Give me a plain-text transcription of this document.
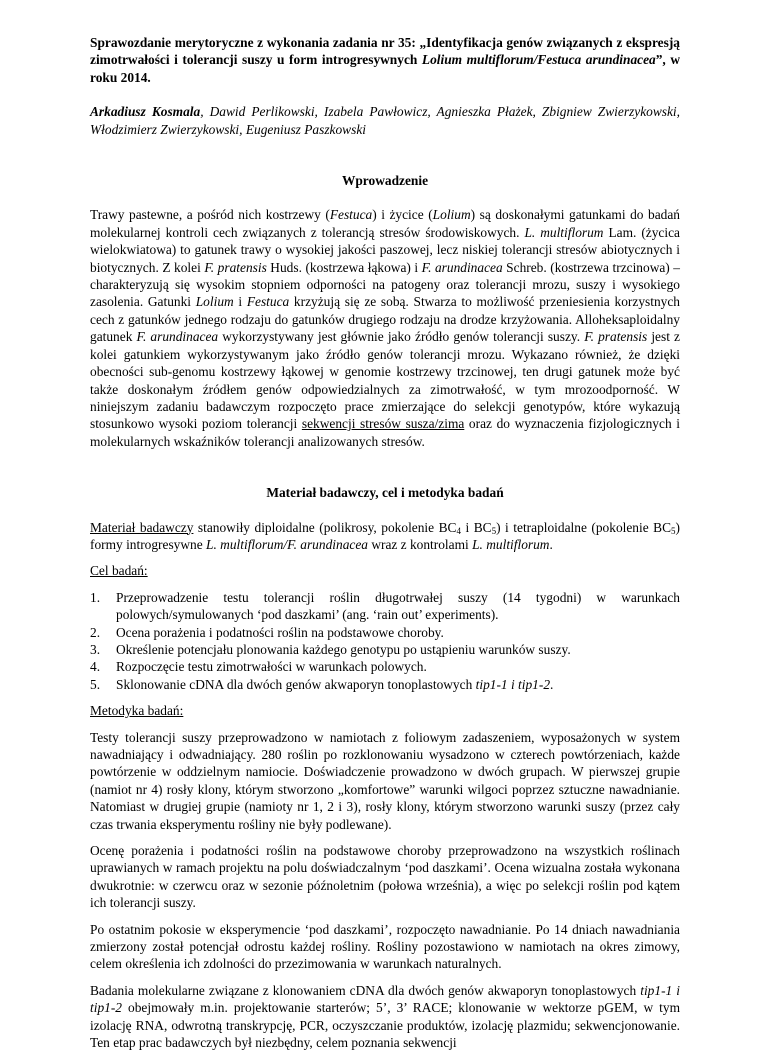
Sprawozdanie merytoryczne z wykonania zadania nr 35: „Identyfikacja genów związanych z ekspresją zimotrwałości i tolerancji suszy u form introgresywnych Lolium multiflorum/Festuca arundinacea”, w roku 2014.

Arkadiusz Kosmala, Dawid Perlikowski, Izabela Pawłowicz, Agnieszka Płażek, Zbigniew Zwierzykowski, Włodzimierz Zwierzykowski, Eugeniusz Paszkowski

Wprowadzenie

Trawy pastewne, a pośród nich kostrzewy (Festuca) i życice (Lolium) są doskonałymi gatunkami do badań molekularnej kontroli cech związanych z tolerancją stresów środowiskowych. L. multiflorum Lam. (życica wielokwiatowa) to gatunek trawy o wysokiej jakości paszowej, lecz niskiej tolerancji stresów abiotycznych i biotycznych. Z kolei F. pratensis Huds. (kostrzewa łąkowa) i F. arundinacea Schreb. (kostrzewa trzcinowa) – charakteryzują się wysokim stopniem odporności na patogeny oraz tolerancji mrozu, suszy i wysokiego zasolenia. Gatunki Lolium i Festuca krzyżują się ze sobą. Stwarza to możliwość przeniesienia korzystnych cech z gatunków jednego rodzaju do gatunków drugiego rodzaju na drodze krzyżowania. Alloheksaploidalny gatunek F. arundinacea wykorzystywany jest głównie jako źródło genów tolerancji suszy. F. pratensis jest z kolei gatunkiem wykorzystywanym jako źródło genów tolerancji mrozu. Wykazano również, że dzięki obecności sub-genomu kostrzewy łąkowej w genomie kostrzewy trzcinowej, ten drugi gatunek może być także doskonałym źródłem genów odpowiedzialnych za zimotrwałość, w tym mrozoodporność. W niniejszym zadaniu badawczym rozpoczęto prace zmierzające do selekcji genotypów, które wykazują stosunkowo wysoki poziom tolerancji sekwencji stresów susza/zima oraz do wyznaczenia fizjologicznych i molekularnych wskaźników tolerancji analizowanych stresów.

Materiał badawczy, cel i metodyka badań

Materiał badawczy stanowiły diploidalne (polikrosy, pokolenie $BC_4$ i $BC_5$) i tetraploidalne (pokolenie $BC_5$) formy introgresywne L. multiflorum/F. arundinacea wraz z kontrolami L. multiflorum.

Cel badań:

1.	Przeprowadzenie testu tolerancji roślin długotrwałej suszy (14 tygodni) w warunkach polowych/symulowanych ‘pod daszkami’ (ang. ‘rain out’ experiments).
2.	Ocena porażenia i podatności roślin na podstawowe choroby.
3.	Określenie potencjału plonowania każdego genotypu po ustąpieniu warunków suszy.
4.	Rozpoczęcie testu zimotrwałości w warunkach polowych.
5.	Sklonowanie cDNA dla dwóch genów akwaporyn tonoplastowych tip1-1 i tip1-2.

Metodyka badań:

Testy tolerancji suszy przeprowadzono w namiotach z foliowym zadaszeniem, wyposażonych w system nawadniający i odwadniający. 280 roślin po rozklonowaniu wysadzono w czterech powtórzeniach, każde powtórzenie w oddzielnym namiocie. Doświadczenie prowadzono w dwóch grupach. W pierwszej grupie (namiot nr 4) rosły klony, którym stworzono „komfortowe” warunki wilgoci poprzez sztuczne nawadnianie. Natomiast w drugiej grupie (namioty nr 1, 2 i 3), rosły klony, którym stworzono warunki suszy (przez cały czas trwania eksperymentu rośliny nie były podlewane).

Ocenę porażenia i podatności roślin na podstawowe choroby przeprowadzono na wszystkich roślinach uprawianych w ramach projektu na polu doświadczalnym ‘pod daszkami’. Ocena wizualna została wykonana dwukrotnie: w czerwcu oraz w sezonie późnoletnim (połowa września), a więc po selekcji roślin pod kątem ich tolerancji suszy.

Po ostatnim pokosie w eksperymencie ‘pod daszkami’, rozpoczęto nawadnianie. Po 14 dniach nawadniania zmierzony został potencjał odrostu każdej rośliny. Rośliny pozostawiono w namiotach na okres zimowy, celem określenia ich zdolności do przezimowania w warunkach naturalnych.

Badania molekularne związane z klonowaniem cDNA dla dwóch genów akwaporyn tonoplastowych tip1-1 i tip1-2 obejmowały m.in. projektowanie starterów; 5’, 3’ RACE; klonowanie w wektorze pGEM, w tym izolację RNA, odwrotną transkrypcję, PCR, oczyszczanie produktów, izolację plazmidu; sekwencjonowanie. Ten etap prac badawczych był niezbędny, celem poznania sekwencji
